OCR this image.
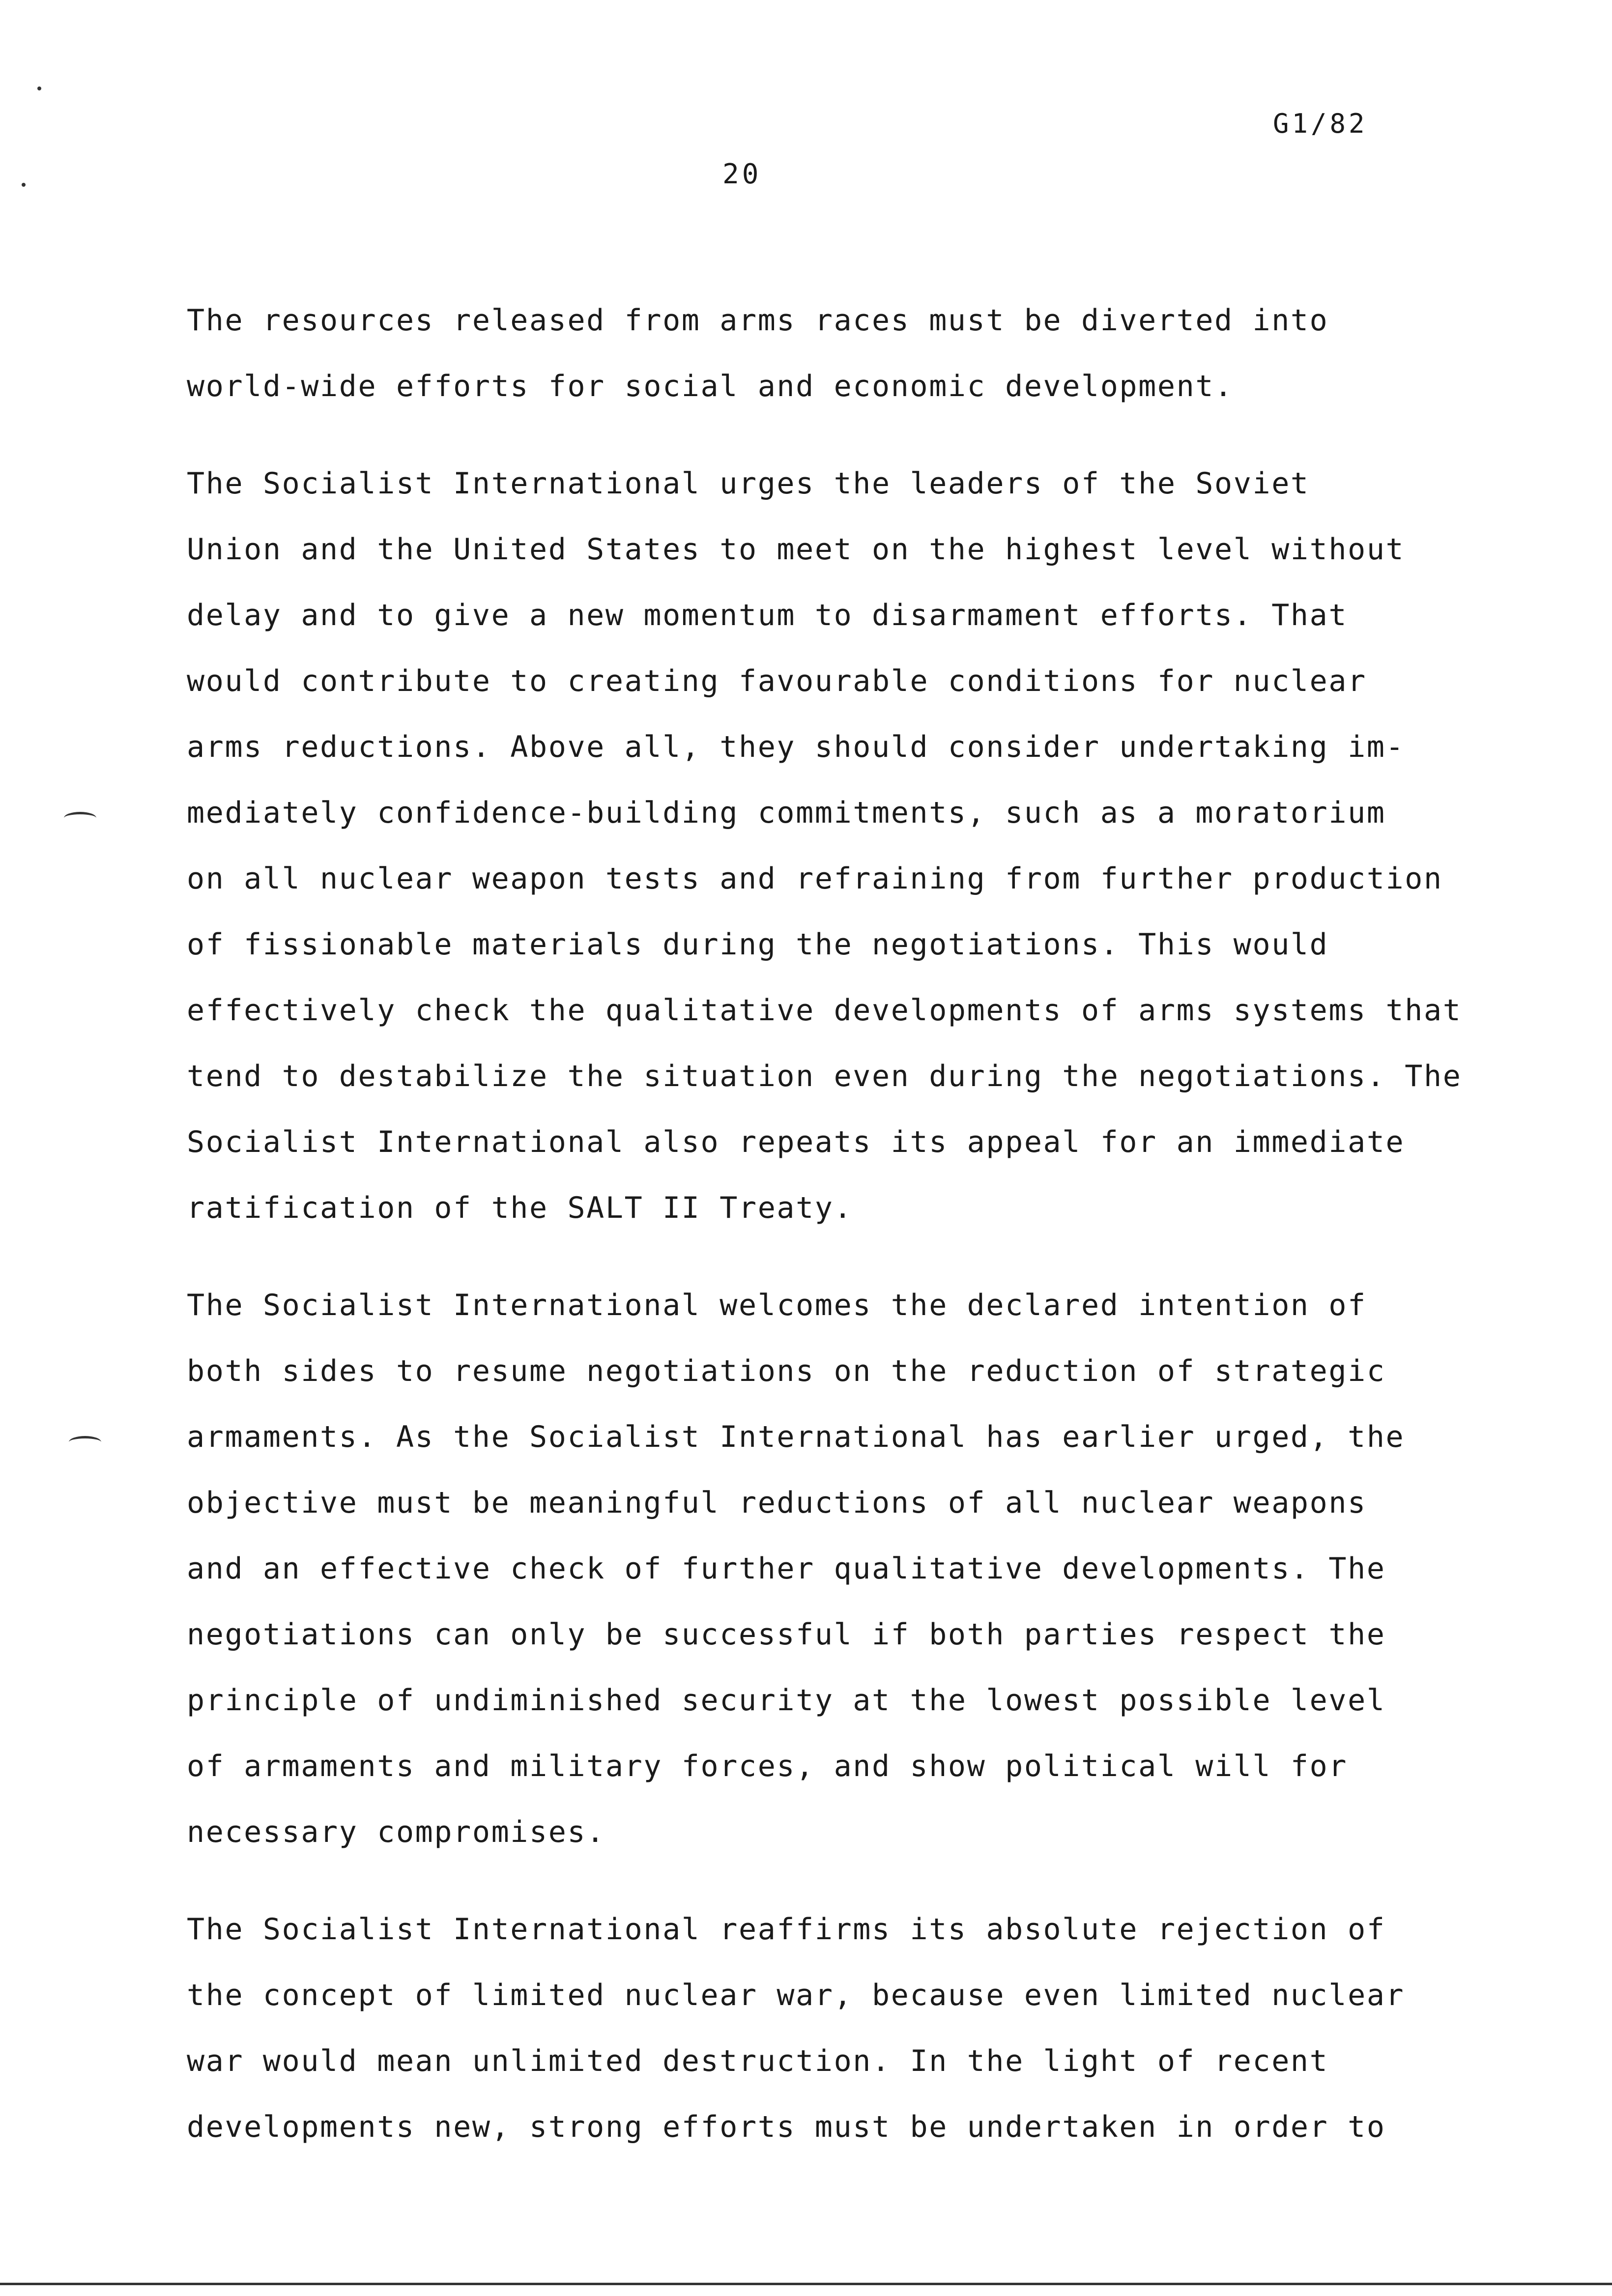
G1/82
20
The resources released from arms races must be diverted into
world-wide efforts for social and economic development.
The Socialist International urges the leaders of the Soviet
Union and the United States to meet on the highest level without
delay and to give a new momentum to disarmament efforts. That
would contribute to creating favourable conditions for nuclear
arms reductions. Above all, they should consider undertaking im-
mediately confidence-building commitments, such as a moratorium
on all nuclear weapon tests and refraining from further production
of fissionable materials during the negotiations. This would
effectively check the qualitative developments of arms systems that
tend to destabilize the situation even during the negotiations. The
Socialist International also repeats its appeal for an immediate
ratification of the SALT II Treaty.
The Socialist International welcomes the declared intention of
both sides to resume negotiations on the reduction of strategic
armaments. As the Socialist International has earlier urged, the
objective must be meaningful reductions of all nuclear weapons
and an effective check of further qualitative developments. The
negotiations can only be successful if both parties respect the
principle of undiminished security at the lowest possible level
of armaments and military forces, and show political will for
necessary compromises.
The Socialist International reaffirms its absolute rejection of
the concept of limited nuclear war, because even limited nuclear
war would mean unlimited destruction. In the light of recent
developments new, strong efforts must be undertaken in order to
